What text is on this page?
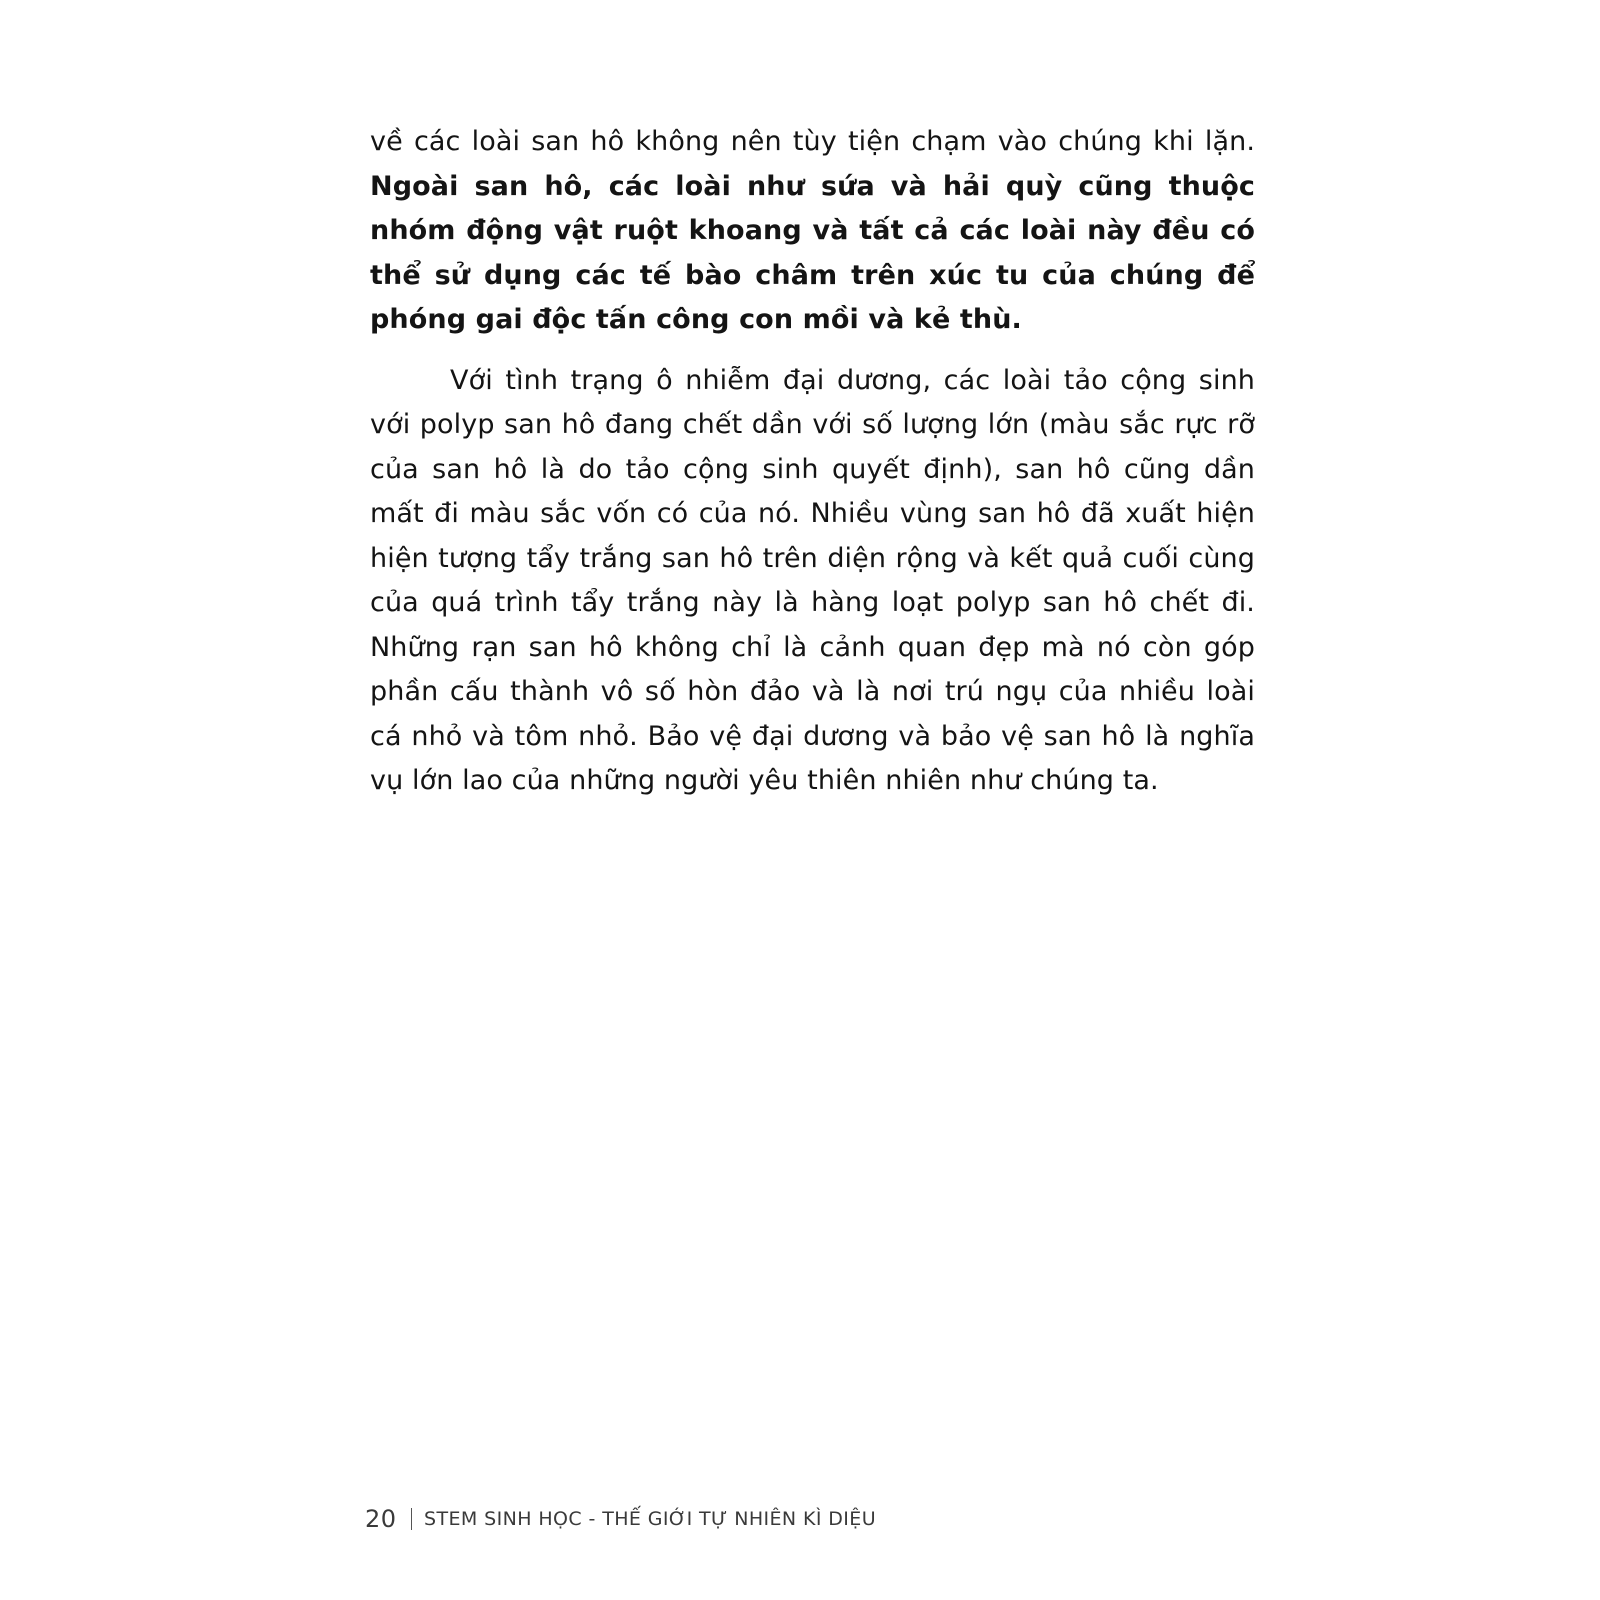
về các loài san hô không nên tùy tiện chạm vào chúng khi lặn. Ngoài san hô, các loài như sứa và hải quỳ cũng thuộc nhóm động vật ruột khoang và tất cả các loài này đều có thể sử dụng các tế bào châm trên xúc tu của chúng để phóng gai độc tấn công con mồi và kẻ thù.

Với tình trạng ô nhiễm đại dương, các loài tảo cộng sinh với polyp san hô đang chết dần với số lượng lớn (màu sắc rực rỡ của san hô là do tảo cộng sinh quyết định), san hô cũng dần mất đi màu sắc vốn có của nó. Nhiều vùng san hô đã xuất hiện hiện tượng tẩy trắng san hô trên diện rộng và kết quả cuối cùng của quá trình tẩy trắng này là hàng loạt polyp san hô chết đi. Những rạn san hô không chỉ là cảnh quan đẹp mà nó còn góp phần cấu thành vô số hòn đảo và là nơi trú ngụ của nhiều loài cá nhỏ và tôm nhỏ. Bảo vệ đại dương và bảo vệ san hô là nghĩa vụ lớn lao của những người yêu thiên nhiên như chúng ta.

20 STEM SINH HỌC - THẾ GIỚI TỰ NHIÊN KÌ DIỆU
